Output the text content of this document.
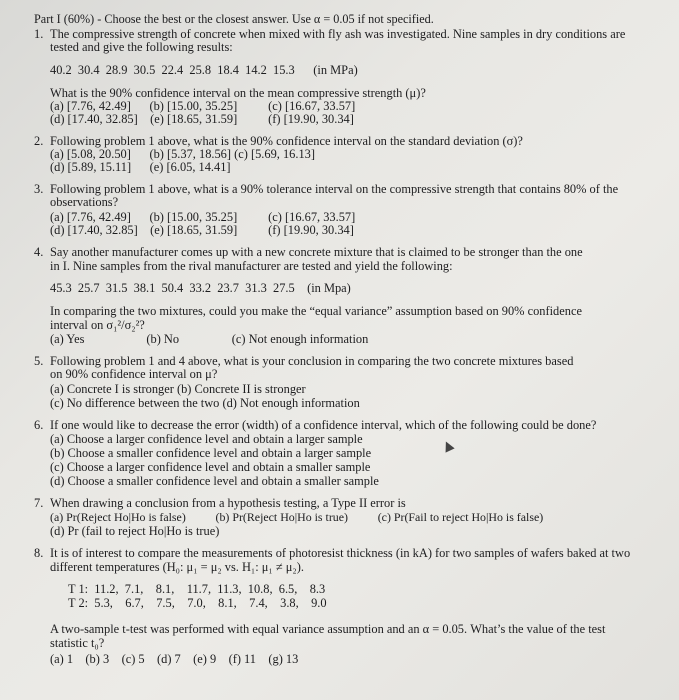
Part I (60%) - Choose the best or the closest answer. Use α = 0.05 if not specified.
1. The compressive strength of concrete when mixed with fly ash was investigated. Nine samples in dry conditions are
tested and give the following results:
40.2  30.4  28.9  30.5  22.4  25.8  18.4  14.2  15.3      (in MPa)
What is the 90% confidence interval on the mean compressive strength (μ)?
(a) [7.76, 42.49]      (b) [15.00, 35.25]          (c) [16.67, 33.57]
(d) [17.40, 32.85]    (e) [18.65, 31.59]          (f) [19.90, 30.34]
2. Following problem 1 above, what is the 90% confidence interval on the standard deviation (σ)?
(a) [5.08, 20.50]      (b) [5.37, 18.56] (c) [5.69, 16.13]
(d) [5.89, 15.11]      (e) [6.05, 14.41]
3. Following problem 1 above, what is a 90% tolerance interval on the compressive strength that contains 80% of the
observations?
(a) [7.76, 42.49]      (b) [15.00, 35.25]          (c) [16.67, 33.57]
(d) [17.40, 32.85]    (e) [18.65, 31.59]          (f) [19.90, 30.34]
4. Say another manufacturer comes up with a new concrete mixture that is claimed to be stronger than the one
in I. Nine samples from the rival manufacturer are tested and yield the following:
45.3  25.7  31.5  38.1  50.4  33.2  23.7  31.3  27.5    (in Mpa)
In comparing the two mixtures, could you make the “equal variance” assumption based on 90% confidence
interval on σ₁²/σ₂²?
(a) Yes                    (b) No                 (c) Not enough information
5. Following problem 1 and 4 above, what is your conclusion in comparing the two concrete mixtures based
on 90% confidence interval on μ?
(a) Concrete I is stronger (b) Concrete II is stronger
(c) No difference between the two (d) Not enough information
6. If one would like to decrease the error (width) of a confidence interval, which of the following could be done?
(a) Choose a larger confidence level and obtain a larger sample
(b) Choose a smaller confidence level and obtain a larger sample
(c) Choose a larger confidence level and obtain a smaller sample
(d) Choose a smaller confidence level and obtain a smaller sample
7. When drawing a conclusion from a hypothesis testing, a Type II error is
(a) Pr(Reject Ho|Ho is false)          (b) Pr(Reject Ho|Ho is true)          (c) Pr(Fail to reject Ho|Ho is false)
(d) Pr (fail to reject Ho|Ho is true)
8. It is of interest to compare the measurements of photoresist thickness (in kA) for two samples of wafers baked at two
different temperatures (H₀: μ₁ = μ₂ vs. H₁: μ₁ ≠ μ₂).
T 1:  11.2,  7.1,    8.1,    11.7,  11.3,  10.8,  6.5,    8.3
T 2:  5.3,    6.7,    7.5,    7.0,    8.1,    7.4,    3.8,    9.0
A two-sample t-test was performed with equal variance assumption and an α = 0.05. What’s the value of the test
statistic t₀?
(a) 1    (b) 3    (c) 5    (d) 7    (e) 9    (f) 11    (g) 13
